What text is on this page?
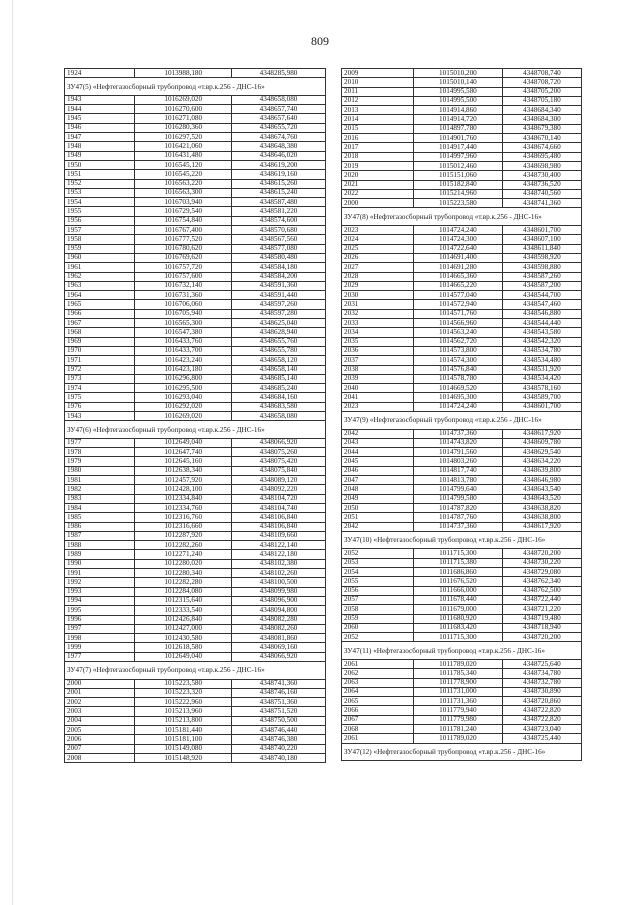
809
1924	1013988,180	4348285,980
ЗУ47(5) «Нефтегазосборный трубопровод «т.вр.к.256 - ДНС-16»		
1943	1016269,020	4348658,080
1944	1016270,600	4348657,740
1945	1016271,080	4348657,640
1946	1016280,360	4348655,720
1947	1016297,520	4348674,760
1948	1016421,060	4348648,380
1949	1016431,480	4348646,020
1950	1016545,120	4348619,200
1951	1016545,220	4348619,160
1952	1016563,220	4348615,260
1953	1016563,300	4348615,240
1954	1016703,940	4348587,480
1955	1016729,540	4348581,220
1956	1016754,840	4348574,600
1957	1016767,400	4348570,680
1958	1016777,520	4348567,560
1959	1016780,620	4348577,080
1960	1016769,620	4348580,480
1961	1016757,720	4348584,180
1962	1016757,600	4348584,200
1963	1016732,140	4348591,360
1964	1016731,360	4348591,440
1965	1016706,060	4348597,260
1966	1016705,940	4348597,280
1967	1016565,300	4348625,040
1968	1016547,380	4348628,940
1969	1016433,760	4348655,760
1970	1016433,700	4348655,780
1971	1016423,240	4348658,120
1972	1016423,180	4348658,140
1973	1016296,800	4348685,140
1974	1016295,500	4348685,240
1975	1016293,040	4348684,160
1976	1016292,020	4348683,580
1943	1016269,020	4348658,080
ЗУ47(6) «Нефтегазосборный трубопровод «т.вр.к.256 - ДНС-16»		
1977	1012649,040	4348066,920
1978	1012647,740	4348075,260
1979	1012645,160	4348075,420
1980	1012638,340	4348075,840
1981	1012457,920	4348089,120
1982	1012428,100	4348092,220
1983	1012334,840	4348104,720
1984	1012334,760	4348104,740
1985	1012316,760	4348106,840
1986	1012316,660	4348106,840
1987	1012287,920	4348109,660
1988	1012282,260	4348122,140
1989	1012271,240	4348122,180
1990	1012280,020	4348102,380
1991	1012280,340	4348102,260
1992	1012282,280	4348100,500
1993	1012284,080	4348099,980
1994	1012315,640	4348096,900
1995	1012333,540	4348094,800
1996	1012426,840	4348082,280
1997	1012427,000	4348082,260
1998	1012430,580	4348081,860
1999	1012618,580	4348069,160
1977	1012649,040	4348066,920
ЗУ47(7) «Нефтегазосборный трубопровод «т.вр.к.256 - ДНС-16»		
2000	1015223,580	4348741,360
2001	1015223,320	4348746,160
2002	1015222,960	4348751,360
2003	1015213,960	4348751,520
2004	1015213,800	4348750,500
2005	1015181,440	4348746,440
2006	1015181,100	4348746,380
2007	1015149,080	4348740,220
2008	1015148,920	4348740,180
2009	1015010,200	4348708,740
2010	1015010,140	4348708,720
2011	1014995,580	4348705,200
2012	1014995,500	4348705,180
2013	1014914,860	4348684,340
2014	1014914,720	4348684,300
2015	1014897,780	4348679,380
2016	1014901,760	4348670,140
2017	1014917,440	4348674,660
2018	1014997,960	4348695,480
2019	1015012,460	4348698,980
2020	1015151,060	4348730,400
2021	1015182,840	4348736,520
2022	1015214,960	4348740,560
2000	1015223,580	4348741,360
ЗУ47(8) «Нефтегазосборный трубопровод «т.вр.к.256 - ДНС-16»		
2023	1014724,240	4348601,700
2024	1014724,300	4348607,100
2025	1014722,640	4348611,840
2026	1014691,400	4348598,920
2027	1014691,280	4348598,880
2028	1014665,360	4348587,260
2029	1014665,220	4348587,200
2030	1014577,040	4348544,700
2031	1014572,940	4348547,460
2032	1014571,760	4348546,880
2033	1014566,960	4348544,440
2034	1014563,240	4348543,580
2035	1014562,720	4348542,320
2036	1014573,800	4348534,780
2037	1014574,300	4348534,480
2038	1014576,840	4348531,920
2039	1014578,780	4348534,420
2040	1014669,520	4348578,160
2041	1014695,300	4348589,700
2023	1014724,240	4348601,700
ЗУ47(9) «Нефтегазосборный трубопровод «т.вр.к.256 - ДНС-16»		
2042	1014737,360	4348617,920
2043	1014743,820	4348609,780
2044	1014791,560	4348629,540
2045	1014803,260	4348634,220
2046	1014817,740	4348639,800
2047	1014813,780	4348646,980
2048	1014799,640	4348643,540
2049	1014799,580	4348643,520
2050	1014787,820	4348638,820
2051	1014787,760	4348638,800
2042	1014737,360	4348617,920
ЗУ47(10) «Нефтегазосборный трубопровод «т.вр.к.256 - ДНС-16»		
2052	1011715,300	4348720,200
2053	1011715,380	4348730,220
2054	1011686,860	4348729,080
2055	1011676,520	4348762,340
2056	1011666,000	4348762,500
2057	1011678,440	4348722,440
2058	1011679,000	4348721,220
2059	1011680,920	4348719,480
2060	1011683,420	4348718,940
2052	1011715,300	4348720,200
ЗУ47(11) «Нефтегазосборный трубопровод «т.вр.к.256 - ДНС-16»		
2061	1011789,020	4348725,640
2062	1011785,340	4348734,780
2063	1011778,900	4348732,780
2064	1011731,000	4348730,890
2065	1011731,360	4348720,860
2066	1011779,940	4348722,820
2067	1011779,980	4348722,820
2068	1011781,240	4348723,040
2061	1011789,020	4348725,440
ЗУ47(12) «Нефтегазосборный трубопровод «т.вр.к.256 - ДНС-16»		
